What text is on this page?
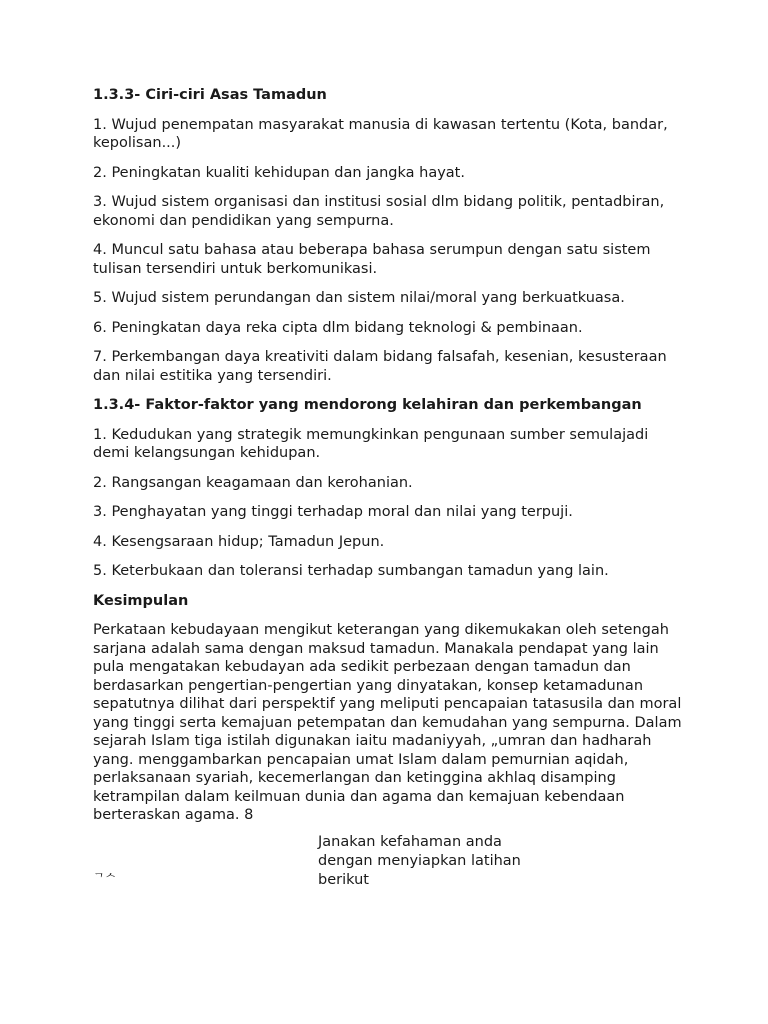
1.3.3- Ciri-ciri Asas Tamadun
1. Wujud penempatan masyarakat manusia di kawasan tertentu (Kota, bandar, kepolisan...)
2. Peningkatan kualiti kehidupan dan jangka hayat.
3. Wujud sistem organisasi dan institusi sosial dlm bidang politik, pentadbiran, ekonomi dan pendidikan yang sempurna.
4. Muncul satu bahasa atau beberapa bahasa serumpun dengan satu sistem tulisan tersendiri untuk berkomunikasi.
5. Wujud sistem perundangan dan sistem nilai/moral yang berkuatkuasa.
6. Peningkatan daya reka cipta dlm bidang teknologi & pembinaan.
7. Perkembangan daya kreativiti dalam bidang falsafah, kesenian, kesusteraan dan nilai estitika yang tersendiri.
1.3.4- Faktor-faktor yang mendorong kelahiran dan perkembangan
1. Kedudukan yang strategik memungkinkan pengunaan sumber semulajadi demi kelangsungan kehidupan.
2. Rangsangan keagamaan dan kerohanian.
3. Penghayatan yang tinggi terhadap moral dan nilai yang terpuji.
4. Kesengsaraan hidup; Tamadun Jepun.
5. Keterbukaan dan toleransi terhadap sumbangan tamadun yang lain.
Kesimpulan
Perkataan kebudayaan mengikut keterangan yang dikemukakan oleh setengah sarjana adalah sama dengan maksud tamadun. Manakala pendapat yang lain pula mengatakan kebudayan ada sedikit perbezaan dengan tamadun dan berdasarkan pengertian-pengertian yang dinyatakan, konsep ketamadunan sepatutnya dilihat dari perspektif yang meliputi pencapaian tatasusila dan moral yang tinggi serta kemajuan petempatan dan kemudahan yang sempurna. Dalam sejarah Islam tiga istilah digunakan iaitu madaniyyah, „umran dan hadharah yang. menggambarkan pencapaian umat Islam dalam pemurnian aqidah, perlaksanaan syariah, kecemerlangan dan ketinggina akhlaq disamping ketrampilan dalam keilmuan dunia dan agama dan kemajuan kebendaan berteraskan agama. 8
Janakan kefahaman anda
dengan menyiapkan latihan
berikut
ᄀᄉ
